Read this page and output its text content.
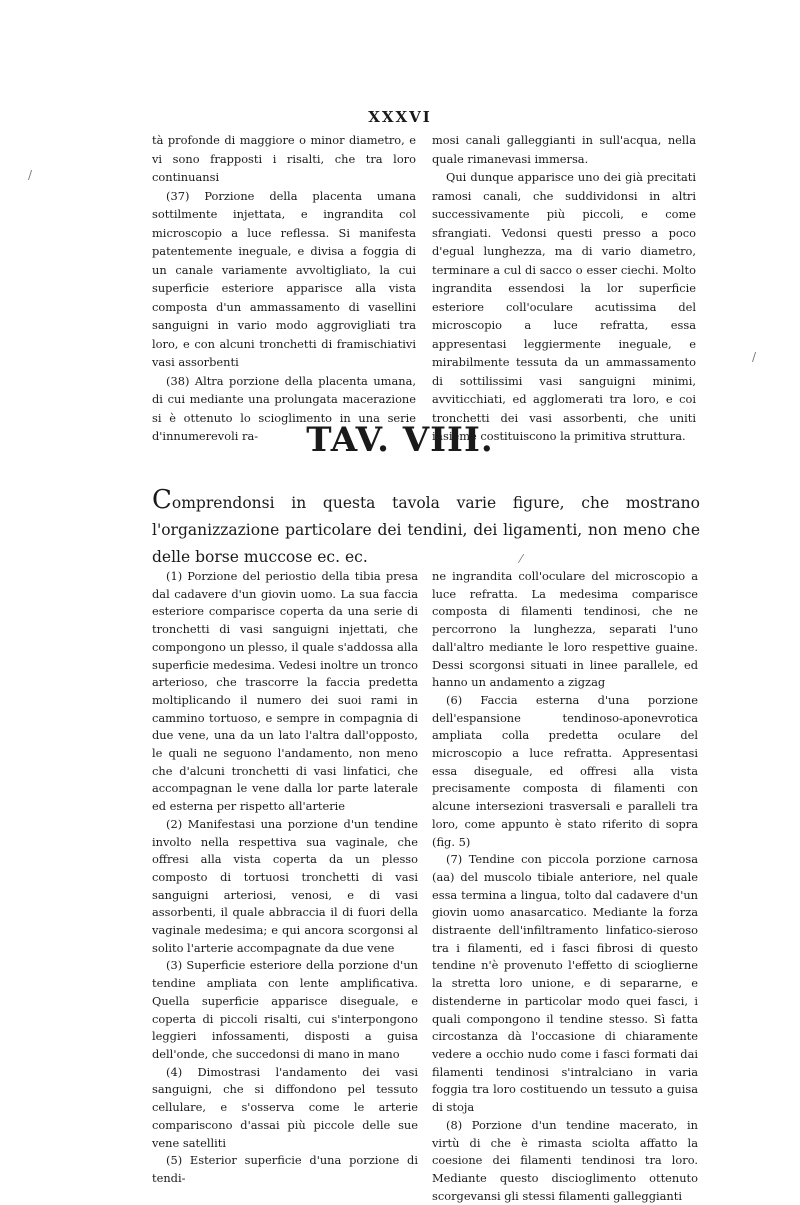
XXXVI

tà profonde di maggiore o minor diametro, e vi sono frapposti i risalti, che tra loro continuansi

(37) Porzione della placenta umana sottilmente injettata, e ingrandita col microscopio a luce reflessa. Si manifesta patentemente ineguale, e divisa a foggia di un canale variamente avvoltigliato, la cui superficie esteriore apparisce alla vista composta d'un ammassamento di vasellini sanguigni in vario modo aggrovigliati tra loro, e con alcuni tronchetti di framischiativi vasi assorbenti

(38) Altra porzione della placenta umana, di cui mediante una prolungata macerazione si è ottenuto lo scioglimento in una serie d'innumerevoli ra-

mosi canali galleggianti in sull'acqua, nella quale rimanevasi immersa.

Qui dunque apparisce uno dei già precitati ramosi canali, che suddividonsi in altri successivamente più piccoli, e come sfrangiati. Vedonsi questi presso a poco d'egual lunghezza, ma di vario diametro, terminare a cul di sacco o esser ciechi. Molto ingrandita essendosi la lor superficie esteriore coll'oculare acutissima del microscopio a luce refratta, essa appresentasi leggiermente ineguale, e mirabilmente tessuta da un ammassamento di sottilissimi vasi sanguigni minimi, avviticchiati, ed agglomerati tra loro, e coi tronchetti dei vasi assorbenti, che uniti insieme costituiscono la primitiva struttura.

TAV. VIII.
Comprendonsi in questa tavola varie figure, che mostrano l'organizzazione particolare dei tendini, dei ligamenti, non meno che delle borse muccose ec. ec.

(1) Porzione del periostio della tibia presa dal cadavere d'un giovin uomo. La sua faccia esteriore comparisce coperta da una serie di tronchetti di vasi sanguigni injettati, che compongono un plesso, il quale s'addossa alla superficie medesima. Vedesi inoltre un tronco arterioso, che trascorre la faccia predetta moltiplicando il numero dei suoi rami in cammino tortuoso, e sempre in compagnia di due vene, una da un lato l'altra dall'opposto, le quali ne seguono l'andamento, non meno che d'alcuni tronchetti di vasi linfatici, che accompagnan le vene dalla lor parte laterale ed esterna per rispetto all'arterie

(2) Manifestasi una porzione d'un tendine involto nella respettiva sua vaginale, che offresi alla vista coperta da un plesso composto di tortuosi tronchetti di vasi sanguigni arteriosi, venosi, e di vasi assorbenti, il quale abbraccia il di fuori della vaginale medesima; e qui ancora scorgonsi al solito l'arterie accompagnate da due vene

(3) Superficie esteriore della porzione d'un tendine ampliata con lente amplificativa. Quella superficie apparisce diseguale, e coperta di piccoli risalti, cui s'interpongono leggieri infossamenti, disposti a guisa dell'onde, che succedonsi di mano in mano

(4) Dimostrasi l'andamento dei vasi sanguigni, che si diffondono pel tessuto cellulare, e s'osserva come le arterie compariscono d'assai più piccole delle sue vene satelliti

(5) Esterior superficie d'una porzione di tendi-

ne ingrandita coll'oculare del microscopio a luce refratta. La medesima comparisce composta di filamenti tendinosi, che ne percorrono la lunghezza, separati l'uno dall'altro mediante le loro respettive guaine. Dessi scorgonsi situati in linee parallele, ed hanno un andamento a zigzag

(6) Faccia esterna d'una porzione dell'espansione tendinoso-aponevrotica ampliata colla predetta oculare del microscopio a luce refratta. Appresentasi essa diseguale, ed offresi alla vista precisamente composta di filamenti con alcune intersezioni trasversali e paralleli tra loro, come appunto è stato riferito di sopra (fig. 5)

(7) Tendine con piccola porzione carnosa (aa) del muscolo tibiale anteriore, nel quale essa termina a lingua, tolto dal cadavere d'un giovin uomo anasarcatico. Mediante la forza distraente dell'infiltramento linfatico-sieroso tra i filamenti, ed i fasci fibrosi di questo tendine n'è provenuto l'effetto di scioglierne la stretta loro unione, e di separarne, e distenderne in particolar modo quei fasci, i quali compongono il tendine stesso. Sì fatta circostanza dà l'occasione di chiaramente vedere a occhio nudo come i fasci formati dai filamenti tendinosi s'intralciano in varia foggia tra loro costituendo un tessuto a guisa di stoja

(8) Porzione d'un tendine macerato, in virtù di che è rimasta sciolta affatto la coesione dei filamenti tendinosi tra loro. Mediante questo discioglimento ottenuto scorgevansi gli stessi filamenti galleggianti

/
/
⁄
